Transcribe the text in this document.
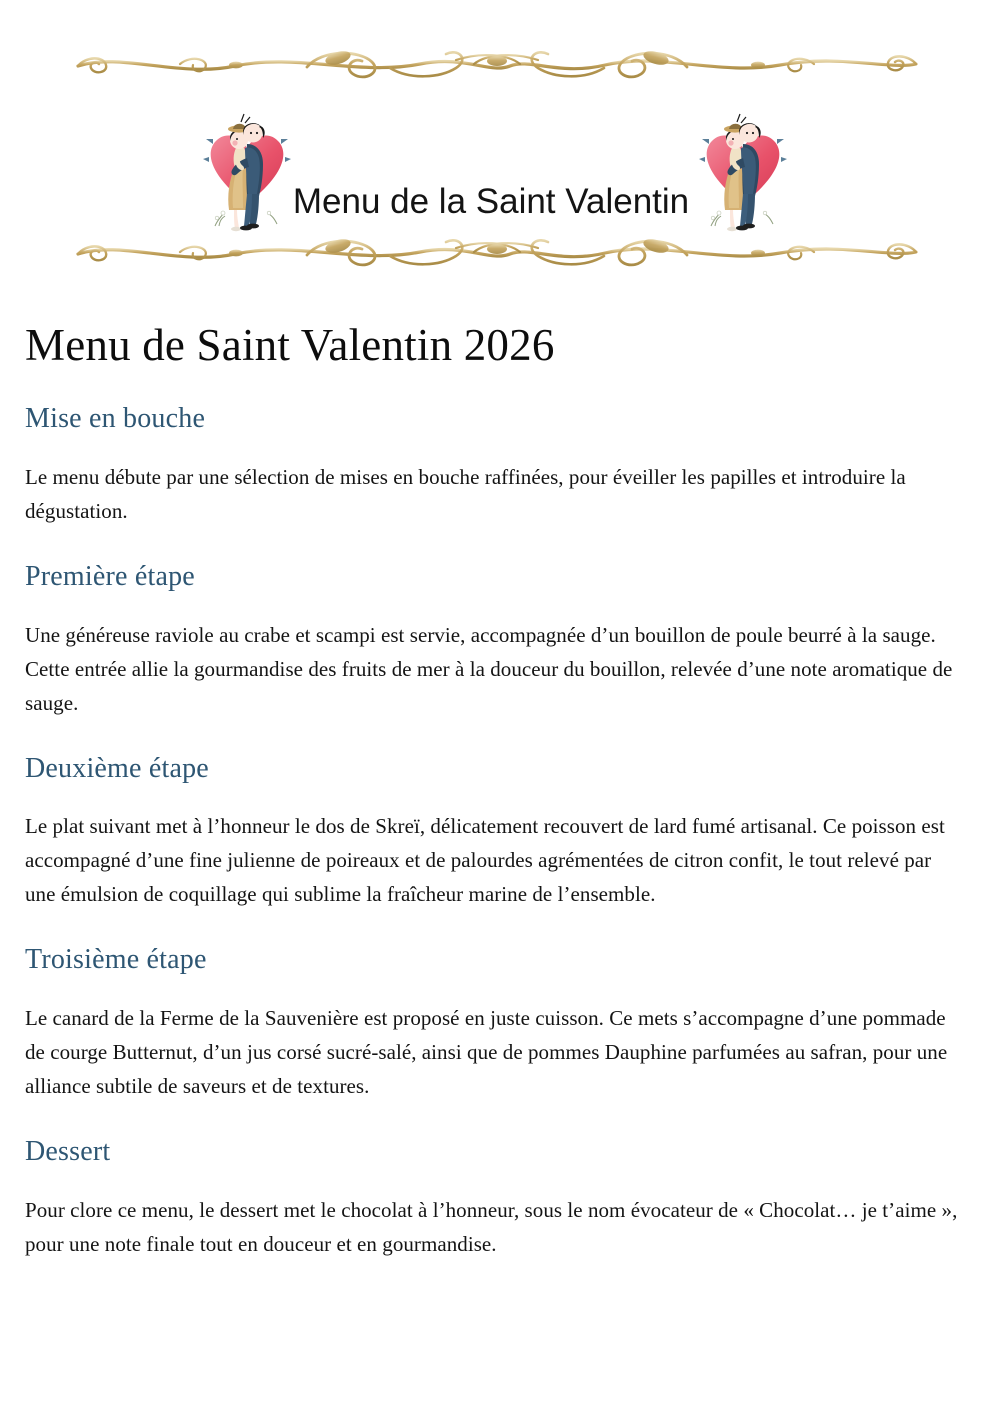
Menu de la Saint Valentin
Menu de Saint Valentin 2026
Mise en bouche

Le menu débute par une sélection de mises en bouche raffinées, pour éveiller les papilles et introduire la dégustation.

Première étape

Une généreuse raviole au crabe et scampi est servie, accompagnée d’un bouillon de poule beurré à la sauge. Cette entrée allie la gourmandise des fruits de mer à la douceur du bouillon, relevée d’une note aromatique de sauge.

Deuxième étape

Le plat suivant met à l’honneur le dos de Skreï, délicatement recouvert de lard fumé artisanal. Ce poisson est accompagné d’une fine julienne de poireaux et de palourdes agrémentées de citron confit, le tout relevé par une émulsion de coquillage qui sublime la fraîcheur marine de l’ensemble.

Troisième étape

Le canard de la Ferme de la Sauvenière est proposé en juste cuisson. Ce mets s’accompagne d’une pommade de courge Butternut, d’un jus corsé sucré-salé, ainsi que de pommes Dauphine parfumées au safran, pour une alliance subtile de saveurs et de textures.

Dessert

Pour clore ce menu, le dessert met le chocolat à l’honneur, sous le nom évocateur de « Chocolat… je t’aime », pour une note finale tout en douceur et en gourmandise.
